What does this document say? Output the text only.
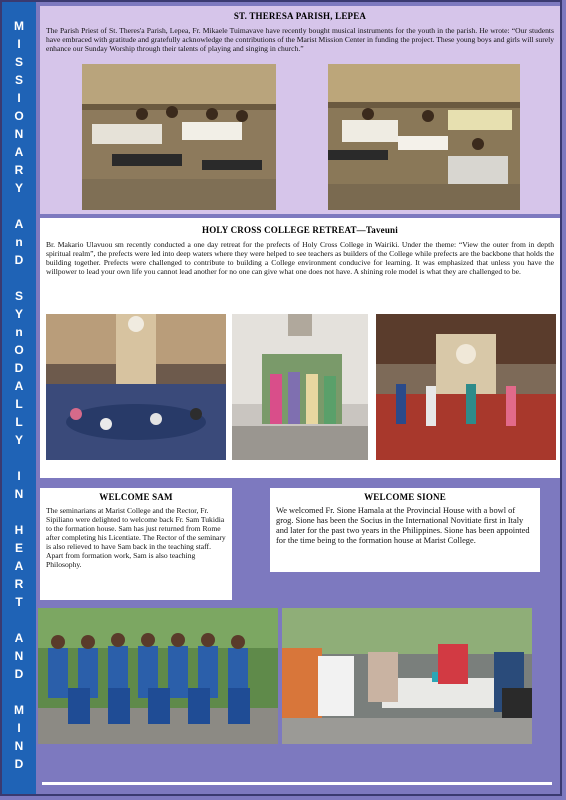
M
I
S
S
I
O
N
A
R
Y
A
n
D
S
Y
n
O
D
A
L
L
Y
I
N
H
E
A
R
T
A
N
D
M
I
N
D
ST. THERESA PARISH, LEPEA
The Parish Priest of St. Theres'a Parish, Lepea, Fr. Mikaele Tuimavave have recently bought musical instruments for the youth in the parish. He wrote: “Our students have embraced with gratitude and gratefully acknowledge the contributions of the Marist Mission Center in funding the project. These young boys and girls will surely enhance our Sunday Worship through their talents of playing and singing in church.”
HOLY CROSS COLLEGE RETREAT—Taveuni
Br. Makario Ulavuou sm recently conducted a one day retreat for the prefects of Holy Cross College in Wairiki. Under the theme: “View the outer from in depth spiritual realm”, the prefects were led into deep waters where they were helped to see teachers as builders of the College while prefects are the backbone that holds the building together. Prefects were challenged to contribute to building a College environment conducive for learning. It was emphasized that unless you have the willpower to lead your own life you cannot lead another for no one can give what one does not have. A shining role model is what they are challenged to be.
WELCOME SAM
The seminarians at Marist College and the Rector, Fr. Sipiliano were delighted to welcome back Fr. Sam Tukidia to the formation house. Sam has just returned from Rome after completing his Licentiate. The Rector of the seminary is also relieved to have Sam back in the teaching staff. Apart from formation work, Sam is also teaching Philosophy.
WELCOME SIONE
We welcomed Fr. Sione Hamala at the Provincial House with a bowl of grog. Sione has been the Socius in the International Novitiate first in Italy and later for the past two years in the Philippines. Sione has been appointed for the time being to the formation house at Marist College.
